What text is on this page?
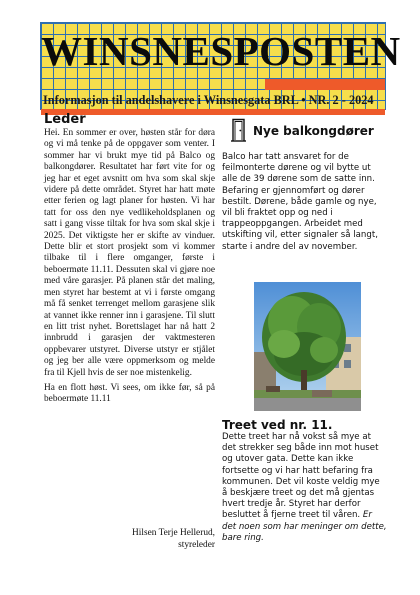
WINSNESPOSTEN
Informasjon til andelshavere i Winsnesgata BRL • NR. 2 - 2024
Leder

Hei. En sommer er over, høsten står for døra og vi må tenke på de oppgaver som venter. I sommer har vi brukt mye tid på Balco og balkongdører. Resultatet har ført vite for og jeg har et eget avsnitt om hva som skal skje videre på dette området. Styret har hatt møte etter ferien og lagt planer for høsten. Vi har tatt for oss den nye vedlikeholdsplanen og satt i gang visse tiltak for hva som skal skje i 2025. Det viktigste her er skifte av vinduer. Dette blir et stort prosjekt som vi kommer tilbake til i flere omganger, første i beboermøte 11.11. Dessuten skal vi gjøre noe med våre garasjer. På planen står det maling, men styret har bestemt at vi i første omgang må få senket terrenget mellom garasjene slik at vannet ikke renner inn i garasjene. Til slutt en litt trist nyhet. Borettslaget har nå hatt 2 innbrudd i garasjen der vaktmesteren oppbevarer utstyret. Diverse utstyr er stjålet og jeg ber alle være oppmerksom og melde fra til Kjell hvis de ser noe mistenkelig.

Ha en flott høst. Vi sees, om ikke før, så på beboermøte 11.11

Hilsen Terje Hellerud,
styreleder
Nye balkongdører
Balco har tatt ansvaret for de feilmonterte dørene og vil bytte ut alle de 39 dørene som de satte inn. Befaring er gjennomført og dører bestilt. Dørene, både gamle og nye, vil bli fraktet opp og ned i trappeoppgangen. Arbeidet med utskifting vil, etter signaler så langt, starte i andre del av november.
Treet ved nr. 11.
Dette treet har nå vokst så mye at det strekker seg både inn mot huset og utover gata. Dette kan ikke fortsette og vi har hatt befaring fra kommunen. Det vil koste veldig mye å beskjære treet og det må gjentas hvert tredje år. Styret har derfor besluttet å fjerne treet til våren. Er det noen som har meninger om dette, bare ring.
